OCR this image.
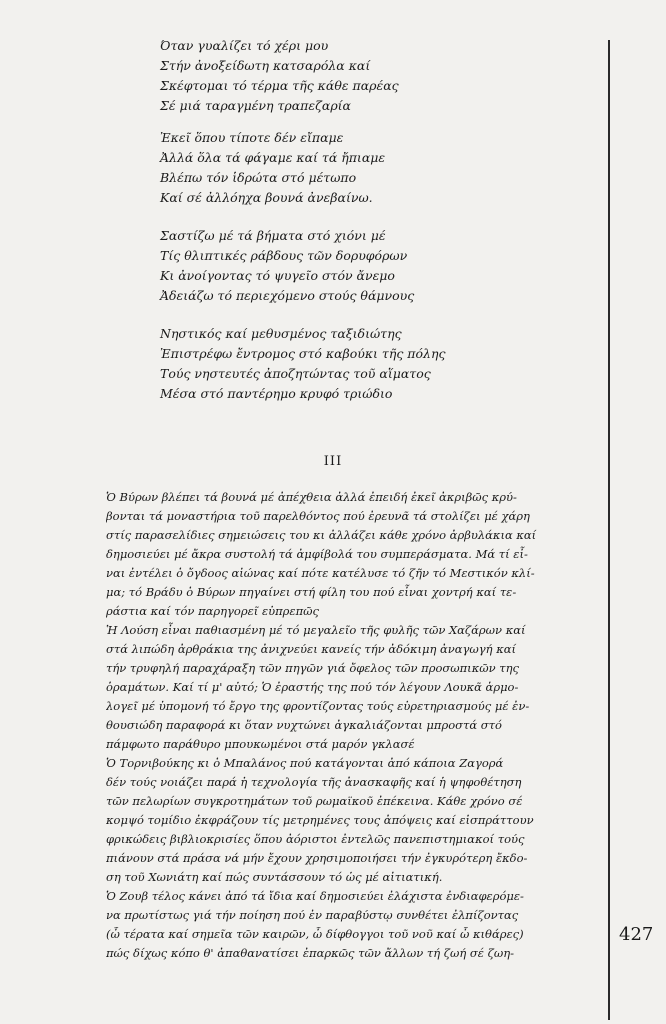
Όταν γυαλίζει τό χέρι μου
Στήν ἀνοξείδωτη κατσαρόλα καί
Σκέφτομαι τό τέρμα τῆς κάθε παρέας
Σέ μιά ταραγμένη τραπεζαρία
Ἐκεῖ ὅπου τίποτε δέν εἴπαμε
Ἀλλά ὅλα τά φάγαμε καί τά ἤπιαμε
Βλέπω τόν ἱδρώτα στό μέτωπο
Καί σέ ἀλλόηχα βουνά ἀνεβαίνω.
Σαστίζω μέ τά βήματα στό χιόνι μέ
Τίς θλιπτικές ράβδους τῶν δορυφόρων
Κι ἀνοίγοντας τό ψυγεῖο στόν ἄνεμο
Ἀδειάζω τό περιεχόμενο στούς θάμνους
Νηστικός καί μεθυσμένος ταξιδιώτης
Ἐπιστρέφω ἔντρομος στό καβούκι τῆς πόλης
Τούς νηστευτές ἀποζητώντας τοῦ αἵματος
Μέσα στό παντέρημο κρυφό τριώδιο
III
Ὁ Βύρων βλέπει τά βουνά μέ ἀπέχθεια ἀλλά ἐπειδή ἐκεῖ ἀκριβῶς κρύ-
βονται τά μοναστήρια τοῦ παρελθόντος πού ἐρευνᾶ τά στολίζει μέ χάρη
στίς παρασελίδιες σημειώσεις του κι ἀλλάζει κάθε χρόνο ἀρβυλάκια καί
δημοσιεύει μέ ἄκρα συστολή τά ἀμφίβολά του συμπεράσματα. Μά τί εἶ-
ναι ἐντέλει ὁ ὄγδοος αἰώνας καί πότε κατέλυσε τό ζῆν τό Μεστικόν κλί-
μα; τό Βράδυ ὁ Βύρων πηγαίνει στή φίλη του πού εἶναι χοντρή καί τε-
ράστια καί τόν παρηγορεῖ εὐπρεπῶς
Ἡ Λούση εἶναι παθιασμένη μέ τό μεγαλεῖο τῆς φυλῆς τῶν Χαζάρων καί
στά λιπώδη ἀρθράκια της ἀνιχνεύει κανείς τήν ἀδόκιμη ἀναγωγή καί
τήν τρυφηλή παραχάραξη τῶν πηγῶν γιά ὄφελος τῶν προσωπικῶν της
ὁραμάτων. Καί τί μ' αὐτό; Ὁ ἐραστής της πού τόν λέγουν Λουκᾶ ἁρμο-
λογεῖ μέ ὑπομονή τό ἔργο της φροντίζοντας τούς εὑρετηριασμούς μέ ἐν-
θουσιώδη παραφορά κι ὅταν νυχτώνει ἀγκαλιάζονται μπροστά στό
πάμφωτο παράθυρο μπουκωμένοι στά μαρόν γκλασέ
Ὁ Τορνιβούκης κι ὁ Μπαλάνος πού κατάγονται ἀπό κάποια Ζαγορά
δέν τούς νοιάζει παρά ἡ τεχνολογία τῆς ἀνασκαφῆς καί ἡ ψηφοθέτηση
τῶν πελωρίων συγκροτημάτων τοῦ ρωμαϊκοῦ ἐπέκεινα. Κάθε χρόνο σέ
κομψό τομίδιο ἐκφράζουν τίς μετρημένες τους ἀπόψεις καί εἰσπράττουν
φρικώδεις βιβλιοκρισίες ὅπου ἀόριστοι ἐντελῶς πανεπιστημιακοί τούς
πιάνουν στά πράσα νά μήν ἔχουν χρησιμοποιήσει τήν ἐγκυρότερη ἔκδο-
ση τοῦ Χωνιάτη καί πώς συντάσσουν τό ὡς μέ αἰτιατική.
Ὁ Ζουβ τέλος κάνει ἀπό τά ἴδια καί δημοσιεύει ἐλάχιστα ἐνδιαφερόμε-
να πρωτίστως γιά τήν ποίηση πού ἐν παραβύστῳ συνθέτει ἐλπίζοντας
(ὦ τέρατα καί σημεῖα τῶν καιρῶν, ὦ δίφθογγοι τοῦ νοῦ καί ὦ κιθάρες)
πώς δίχως κόπο θ' ἀπαθανατίσει ἐπαρκῶς τῶν ἄλλων τή ζωή σέ ζωη-
427
